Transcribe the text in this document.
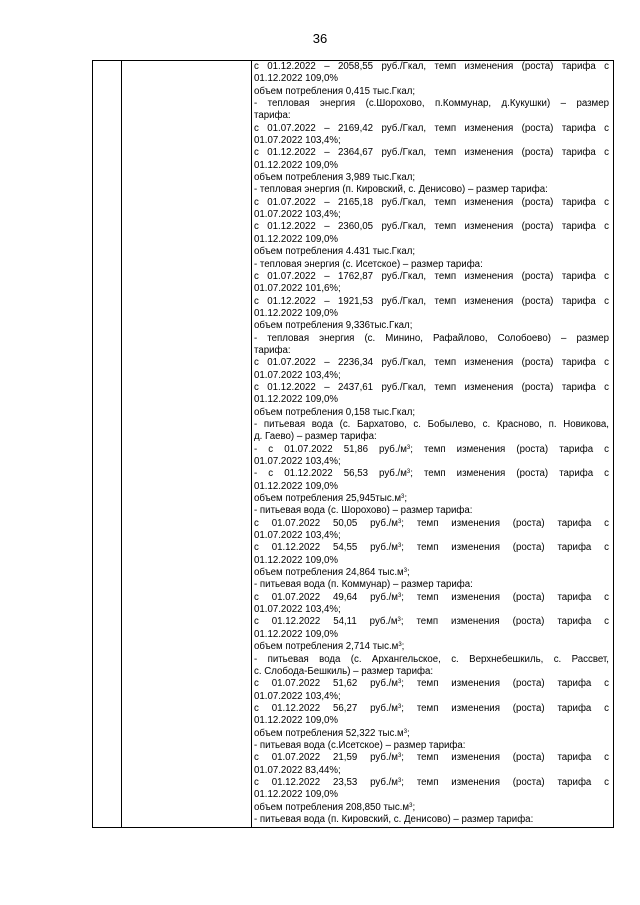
36
с 01.12.2022 – 2058,55 руб./Гкал, темп изменения (роста) тарифа с
01.12.2022 109,0%
объем потребления 0,415 тыс.Гкал;
- тепловая энергия (с.Шорохово, п.Коммунар, д.Кукушки) – размер
тарифа:
с 01.07.2022 – 2169,42 руб./Гкал, темп изменения (роста) тарифа с
01.07.2022 103,4%;
с 01.12.2022 – 2364,67 руб./Гкал, темп изменения (роста) тарифа с
01.12.2022 109,0%
объем потребления 3,989 тыс.Гкал;
- тепловая энергия (п. Кировский, с. Денисово) – размер тарифа:
с 01.07.2022 – 2165,18 руб./Гкал, темп изменения (роста) тарифа с
01.07.2022 103,4%;
с 01.12.2022 – 2360,05 руб./Гкал, темп изменения (роста) тарифа с
01.12.2022 109,0%
объем потребления 4.431 тыс.Гкал;
- тепловая энергия (с. Исетское) – размер тарифа:
с 01.07.2022 – 1762,87 руб./Гкал, темп изменения (роста) тарифа с
01.07.2022 101,6%;
с 01.12.2022 – 1921,53 руб./Гкал, темп изменения (роста) тарифа с
01.12.2022 109,0%
объем потребления 9,336тыс.Гкал;
- тепловая энергия (с. Минино, Рафайлово, Солобоево) – размер
тарифа:
с 01.07.2022 – 2236,34 руб./Гкал, темп изменения (роста) тарифа с
01.07.2022 103,4%;
с 01.12.2022 – 2437,61 руб./Гкал, темп изменения (роста) тарифа с
01.12.2022 109,0%
объем потребления 0,158 тыс.Гкал;
- питьевая вода (с. Бархатово, с. Бобылево, с. Красново, п. Новикова,
д. Гаево) – размер тарифа:
- с 01.07.2022 51,86 $руб./м^3$; темп изменения (роста) тарифа с
01.07.2022 103,4%;
- с 01.12.2022 56,53 $руб./м^3$; темп изменения (роста) тарифа с
01.12.2022 109,0%
объем потребления $25,945тыс.м^3$;
- питьевая вода (с. Шорохово) – размер тарифа:
с 01.07.2022 50,05 $руб./м^3$; темп изменения (роста) тарифа с
01.07.2022 103,4%;
с 01.12.2022 54,55 $руб./м^3$; темп изменения (роста) тарифа с
01.12.2022 109,0%
объем потребления 24,864 $тыс.м^3$;
- питьевая вода (п. Коммунар) – размер тарифа:
с 01.07.2022 49,64 $руб./м^3$; темп изменения (роста) тарифа с
01.07.2022 103,4%;
с 01.12.2022 54,11 $руб./м^3$; темп изменения (роста) тарифа с
01.12.2022 109,0%
объем потребления 2,714 $тыс.м^3$;
- питьевая вода (с. Архангельское, с. Верхнебешкиль, с. Рассвет,
с. Слобода-Бешкиль) – размер тарифа:
с 01.07.2022 51,62 $руб./м^3$; темп изменения (роста) тарифа с
01.07.2022 103,4%;
с 01.12.2022 56,27 $руб./м^3$; темп изменения (роста) тарифа с
01.12.2022 109,0%
объем потребления 52,322 $тыс.м^3$;
- питьевая вода (с.Исетское) – размер тарифа:
с 01.07.2022 21,59 $руб./м^3$; темп изменения (роста) тарифа с
01.07.2022 83,44%;
с 01.12.2022 23,53 $руб./м^3$; темп изменения (роста) тарифа с
01.12.2022 109,0%
объем потребления 208,850 $тыс.м^3$;
- питьевая вода (п. Кировский, с. Денисово) – размер тарифа:
